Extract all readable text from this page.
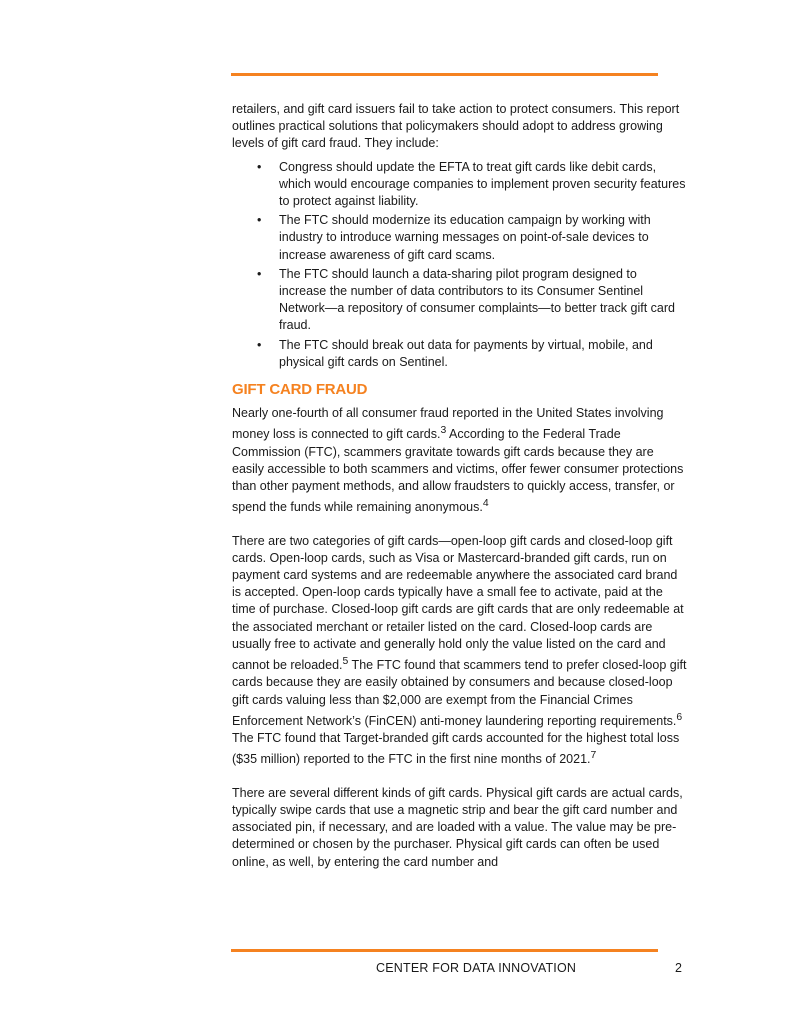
retailers, and gift card issuers fail to take action to protect consumers. This report outlines practical solutions that policymakers should adopt to address growing levels of gift card fraud. They include:

• Congress should update the EFTA to treat gift cards like debit cards, which would encourage companies to implement proven security features to protect against liability.
• The FTC should modernize its education campaign by working with industry to introduce warning messages on point-of-sale devices to increase awareness of gift card scams.
• The FTC should launch a data-sharing pilot program designed to increase the number of data contributors to its Consumer Sentinel Network—a repository of consumer complaints—to better track gift card fraud.
• The FTC should break out data for payments by virtual, mobile, and physical gift cards on Sentinel.
GIFT CARD FRAUD

Nearly one-fourth of all consumer fraud reported in the United States involving money loss is connected to gift cards.$^3$ According to the Federal Trade Commission (FTC), scammers gravitate towards gift cards because they are easily accessible to both scammers and victims, offer fewer consumer protections than other payment methods, and allow fraudsters to quickly access, transfer, or spend the funds while remaining anonymous.$^4$

There are two categories of gift cards—open-loop gift cards and closed-loop gift cards. Open-loop cards, such as Visa or Mastercard-branded gift cards, run on payment card systems and are redeemable anywhere the associated card brand is accepted. Open-loop cards typically have a small fee to activate, paid at the time of purchase. Closed-loop gift cards are gift cards that are only redeemable at the associated merchant or retailer listed on the card. Closed-loop cards are usually free to activate and generally hold only the value listed on the card and cannot be reloaded.$^5$ The FTC found that scammers tend to prefer closed-loop gift cards because they are easily obtained by consumers and because closed-loop gift cards valuing less than $2,000 are exempt from the Financial Crimes Enforcement Network’s (FinCEN) anti-money laundering reporting requirements.$^6$ The FTC found that Target-branded gift cards accounted for the highest total loss ($35 million) reported to the FTC in the first nine months of 2021.$^7$

There are several different kinds of gift cards. Physical gift cards are actual cards, typically swipe cards that use a magnetic strip and bear the gift card number and associated pin, if necessary, and are loaded with a value. The value may be pre-determined or chosen by the purchaser. Physical gift cards can often be used online, as well, by entering the card number and

CENTER FOR DATA INNOVATION	2
